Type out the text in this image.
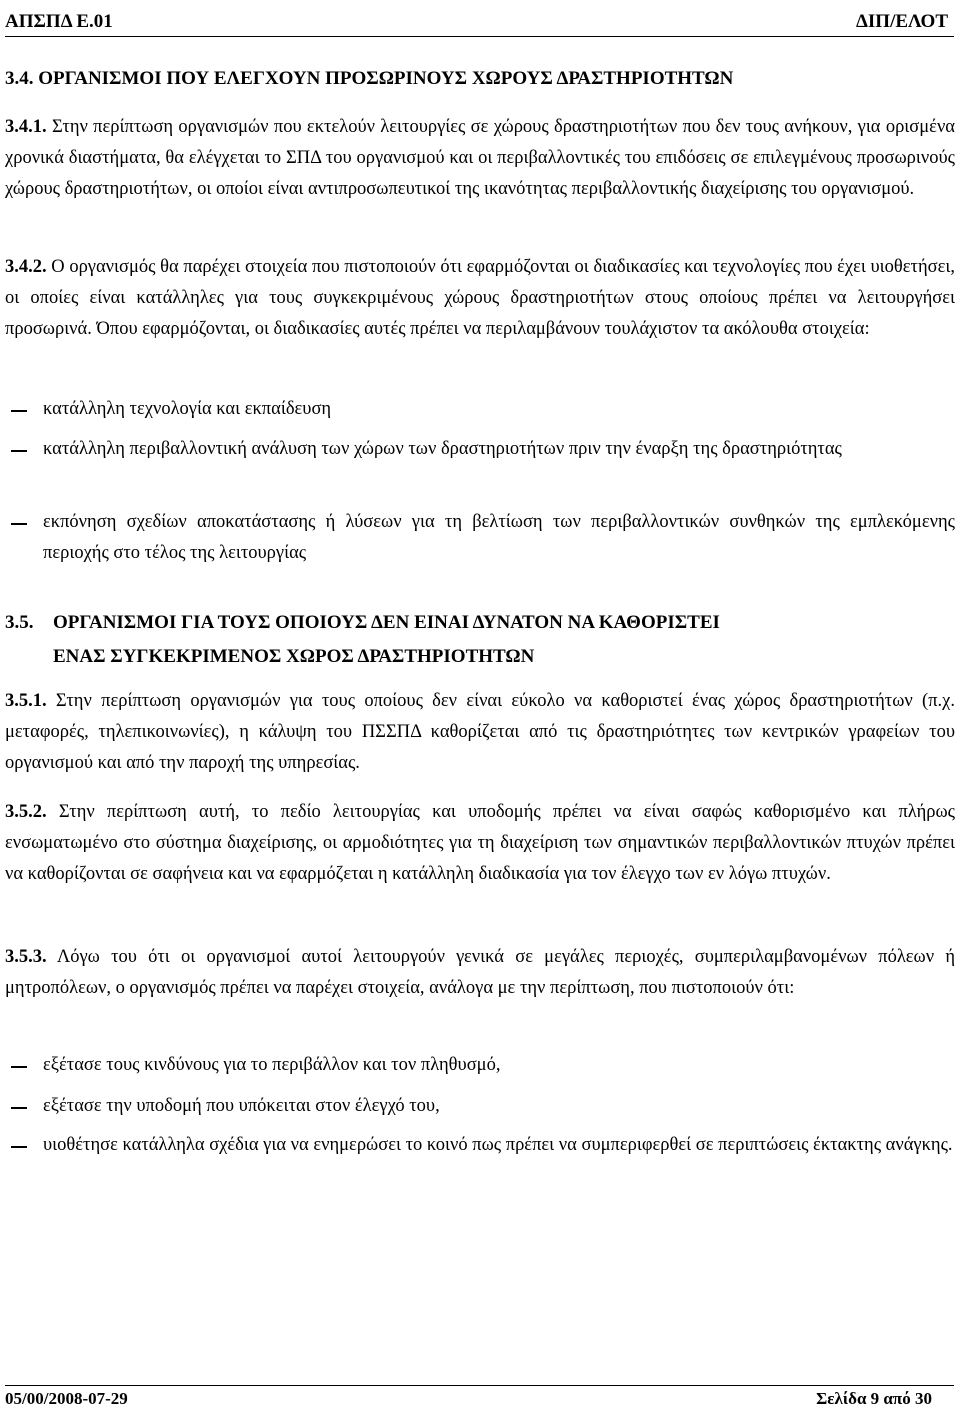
ΑΠΣΠΔ Ε.01	ΔΙΠ/ΕΛΟΤ
3.4. ΟΡΓΑΝΙΣΜΟΙ ΠΟΥ ΕΛΕΓΧΟΥΝ ΠΡΟΣΩΡΙΝΟΥΣ ΧΩΡΟΥΣ ΔΡΑΣΤΗΡΙΟΤΗΤΩΝ
3.4.1. Στην περίπτωση οργανισμών που εκτελούν λειτουργίες σε χώρους δραστηριοτήτων που δεν τους ανήκουν, για ορισμένα χρονικά διαστήματα, θα ελέγχεται το ΣΠΔ του οργανισμού και οι περιβαλλοντικές του επιδόσεις σε επιλεγμένους προσωρινούς χώρους δραστηριοτήτων, οι οποίοι είναι αντιπροσωπευτικοί της ικανότητας περιβαλλοντικής διαχείρισης του οργανισμού.
3.4.2. Ο οργανισμός θα παρέχει στοιχεία που πιστοποιούν ότι εφαρμόζονται οι διαδικασίες και τεχνολογίες που έχει υιοθετήσει, οι οποίες είναι κατάλληλες για τους συγκεκριμένους χώρους δραστηριοτήτων στους οποίους πρέπει να λειτουργήσει προσωρινά. Όπου εφαρμόζονται, οι διαδικασίες αυτές πρέπει να περιλαμβάνουν τουλάχιστον τα ακόλουθα στοιχεία:
κατάλληλη τεχνολογία και εκπαίδευση
κατάλληλη περιβαλλοντική ανάλυση των χώρων των δραστηριοτήτων πριν την έναρξη της δραστηριότητας
εκπόνηση σχεδίων αποκατάστασης ή λύσεων για τη βελτίωση των περιβαλλοντικών συνθηκών της εμπλεκόμενης περιοχής στο τέλος της λειτουργίας
3.5. ΟΡΓΑΝΙΣΜΟΙ ΓΙΑ ΤΟΥΣ ΟΠΟΙΟΥΣ ΔΕΝ ΕΙΝΑΙ ΔΥΝΑΤΟΝ ΝΑ ΚΑΘΟΡΙΣΤΕΙ
ΕΝΑΣ ΣΥΓΚΕΚΡΙΜΕΝΟΣ ΧΩΡΟΣ ΔΡΑΣΤΗΡΙΟΤΗΤΩΝ
3.5.1. Στην περίπτωση οργανισμών για τους οποίους δεν είναι εύκολο να καθοριστεί ένας χώρος δραστηριοτήτων (π.χ. μεταφορές, τηλεπικοινωνίες), η κάλυψη του ΠΣΣΠΔ καθορίζεται από τις δραστηριότητες των κεντρικών γραφείων του οργανισμού και από την παροχή της υπηρεσίας.
3.5.2. Στην περίπτωση αυτή, το πεδίο λειτουργίας και υποδομής πρέπει να είναι σαφώς καθορισμένο και πλήρως ενσωματωμένο στο σύστημα διαχείρισης, οι αρμοδιότητες για τη διαχείριση των σημαντικών περιβαλλοντικών πτυχών πρέπει να καθορίζονται σε σαφήνεια και να εφαρμόζεται η κατάλληλη διαδικασία για τον έλεγχο των εν λόγω πτυχών.
3.5.3. Λόγω του ότι οι οργανισμοί αυτοί λειτουργούν γενικά σε μεγάλες περιοχές, συμπεριλαμβανομένων πόλεων ή μητροπόλεων, ο οργανισμός πρέπει να παρέχει στοιχεία, ανάλογα με την περίπτωση, που πιστοποιούν ότι:
εξέτασε τους κινδύνους για το περιβάλλον και τον πληθυσμό,
εξέτασε την υποδομή που υπόκειται στον έλεγχό του,
υιοθέτησε κατάλληλα σχέδια για να ενημερώσει το κοινό πως πρέπει να συμπεριφερθεί σε περιπτώσεις έκτακτης ανάγκης.
05/00/2008-07-29	Σελίδα 9 από 30
